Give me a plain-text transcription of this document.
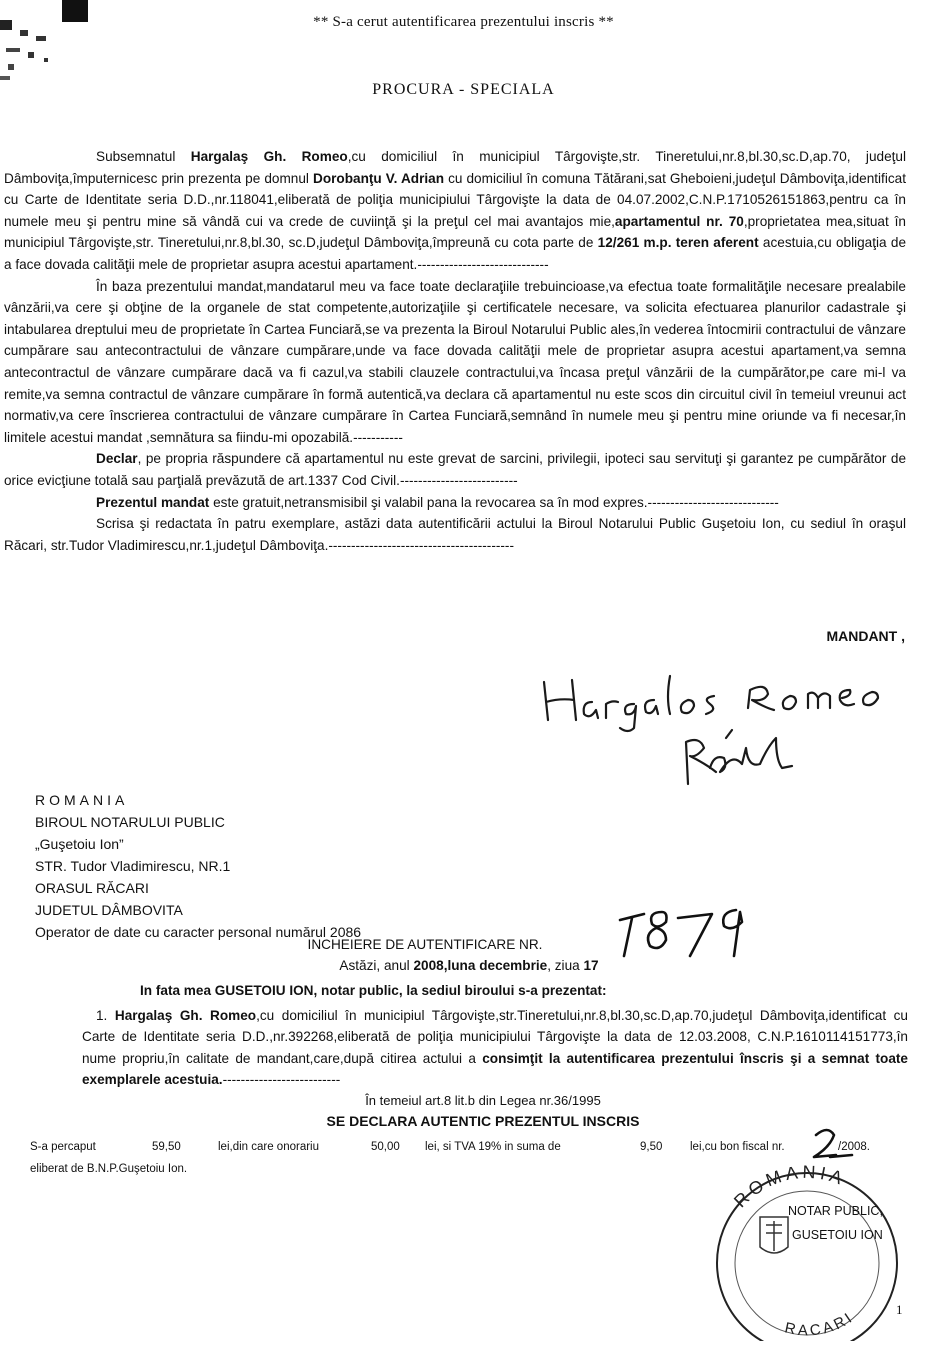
** S-a cerut autentificarea prezentului inscris **
PROCURA - SPECIALA

Subsemnatul Hargalaş Gh. Romeo,cu domiciliul în municipiul Târgovişte,str. Tineretului,nr.8,bl.30,sc.D,ap.70, judeţul Dâmboviţa,împuternicesc prin prezenta pe domnul Dorobanţu V. Adrian cu domiciliul în comuna Tătărani,sat Gheboieni,judeţul Dâmboviţa,identificat cu Carte de Identitate seria D.D.,nr.118041,eliberată de poliţia municipiului Târgovişte la data de 04.07.2002,C.N.P.1710526151863,pentru ca în numele meu şi pentru mine să vândă cui va crede de cuviinţă şi la preţul cel mai avantajos mie,apartamentul nr. 70,proprietatea mea,situat în municipiul Târgovişte,str. Tineretului,nr.8,bl.30, sc.D,judeţul Dâmboviţa,împreună cu cota parte de 12/261 m.p. teren aferent acestuia,cu obligaţia de a face dovada calităţii mele de proprietar asupra acestui apartament.-----------------------------

În baza prezentului mandat,mandatarul meu va face toate declaraţiile trebuincioase,va efectua toate formalităţile necesare prealabile vânzării,va cere şi obţine de la organele de stat competente,autorizaţiile şi certificatele necesare, va solicita efectuarea planurilor cadastrale şi intabularea dreptului meu de proprietate în Cartea Funciară,se va prezenta la Biroul Notarului Public ales,în vederea întocmirii contractului de vânzare cumpărare sau antecontractului de vânzare cumpărare,unde va face dovada calităţii mele de proprietar asupra acestui apartament,va semna antecontractul de vânzare cumpărare dacă va fi cazul,va stabili clauzele contractului,va încasa preţul vânzării de la cumpărător,pe care mi-l va remite,va semna contractul de vânzare cumpărare în formă autentică,va declara că apartamentul nu este scos din circuitul civil în temeiul vreunui act normativ,va cere înscrierea contractului de vânzare cumpărare în Cartea Funciară,semnând în numele meu şi pentru mine oriunde va fi necesar,în limitele acestui mandat ,semnătura sa fiindu-mi opozabilă.-----------

Declar, pe propria răspundere că apartamentul nu este grevat de sarcini, privilegii, ipoteci sau servituţi şi garantez pe cumpărător de orice evicţiune totală sau parţială prevăzută de art.1337 Cod Civil.--------------------------

Prezentul mandat este gratuit,netransmisibil şi valabil pana la revocarea sa în mod expres.-----------------------------

Scrisa şi redactata în patru exemplare, astăzi data autentificării actului la Biroul Notarului Public Guşetoiu Ion, cu sediul în oraşul Răcari, str.Tudor Vladimirescu,nr.1,judeţul Dâmboviţa.-----------------------------------------

MANDANT ,
ROMANIA
BIROUL NOTARULUI PUBLIC
„Guşetoiu Ion”
STR. Tudor Vladimirescu, NR.1
ORASUL RĂCARI
JUDETUL DÂMBOVITA
Operator de date cu caracter personal numărul 2086
INCHEIERE DE AUTENTIFICARE NR.
Astăzi, anul 2008,luna decembrie, ziua 17
In fata mea GUSETOIU ION, notar public, la sediul biroului s-a prezentat:

1. Hargalaş Gh. Romeo,cu domiciliul în municipiul Târgovişte,str.Tineretului,nr.8,bl.30,sc.D,ap.70,judeţul Dâmboviţa,identificat cu Carte de Identitate seria D.D.,nr.392268,eliberată de poliţia municipiului Târgovişte la data de 12.03.2008, C.N.P.1610114151773,în nume propriu,în calitate de mandant,care,după citirea actului a consimţit la autentificarea prezentului înscris şi a semnat toate exemplarele acestuia.--------------------------

În temeiul art.8 lit.b din Legea nr.36/1995
SE DECLARA AUTENTIC PREZENTUL INSCRIS
S-a percaput	59,50	lei,din care onorariu	50,00 lei, si TVA 19% in suma de	9,50 lei,cu bon fiscal nr.	/2008.
eliberat de B.N.P.Guşetoiu Ion.
ROMANIA
RACARI
NOTAR PUBLIC,
GUSETOIU ION
1
